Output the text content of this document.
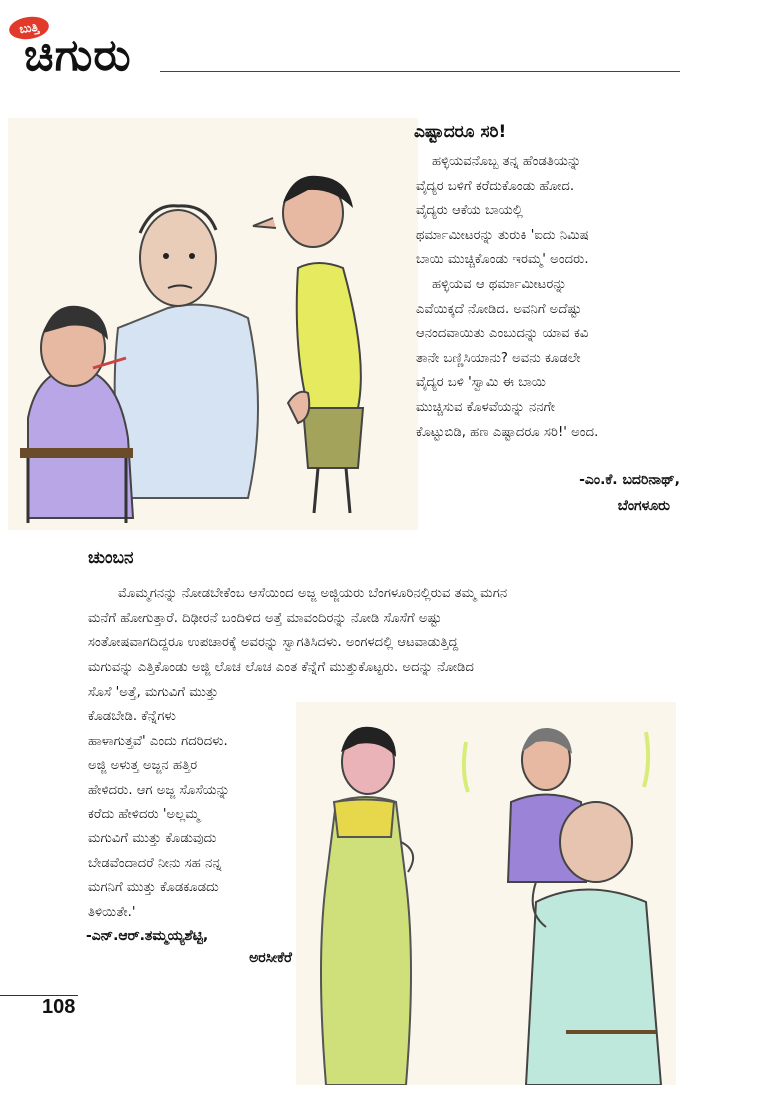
ಬುತ್ತಿ
ಚಿಗುರು
ಎಷ್ಟಾದರೂ ಸರಿ!
ಹಳ್ಳಿಯವನೊಬ್ಬ ತನ್ನ ಹೆಂಡತಿಯನ್ನು
ವೈದ್ಯರ ಬಳಿಗೆ ಕರೆದುಕೊಂಡು ಹೋದ.
ವೈದ್ಯರು ಆಕೆಯ ಬಾಯಲ್ಲಿ
ಥರ್ಮಾಮೀಟರನ್ನು ತುರುಕಿ 'ಐದು ನಿಮಿಷ
ಬಾಯಿ ಮುಚ್ಚಿಕೊಂಡು ಇರಮ್ಮ' ಅಂದರು.
ಹಳ್ಳಿಯವ ಆ ಥರ್ಮಾಮೀಟರನ್ನು
ಎವೆಯಿಕ್ಕದೆ ನೋಡಿದ. ಅವನಿಗೆ ಅದೆಷ್ಟು
ಆನಂದವಾಯಿತು ಎಂಬುದನ್ನು ಯಾವ ಕವಿ
ತಾನೇ ಬಣ್ಣಿಸಿಯಾನು? ಅವನು ಕೂಡಲೇ
ವೈದ್ಯರ ಬಳಿ 'ಸ್ವಾಮಿ ಈ ಬಾಯಿ
ಮುಚ್ಚಿಸುವ ಕೊಳವೆಯನ್ನು ನನಗೇ
ಕೊಟ್ಟುಬಿಡಿ, ಹಣ ಎಷ್ಟಾದರೂ ಸರಿ!' ಅಂದ.
-ಎಂ.ಕೆ. ಬದರಿನಾಥ್,
ಬೆಂಗಳೂರು
ಚುಂಬನ
ಮೊಮ್ಮಗನನ್ನು ನೋಡಬೇಕೆಂಬ ಆಸೆಯಿಂದ ಅಜ್ಜ ಅಜ್ಜಿಯರು ಬೆಂಗಳೂರಿನಲ್ಲಿರುವ ತಮ್ಮ ಮಗನ
ಮನೆಗೆ ಹೋಗುತ್ತಾರೆ. ದಿಢೀರನೆ ಬಂದಿಳಿದ ಅತ್ತೆ ಮಾವಂದಿರನ್ನು ನೋಡಿ ಸೊಸೆಗೆ ಅಷ್ಟು
ಸಂತೋಷವಾಗದಿದ್ದರೂ ಉಪಚಾರಕ್ಕೆ ಅವರನ್ನು ಸ್ವಾಗತಿಸಿದಳು. ಅಂಗಳದಲ್ಲಿ ಆಟವಾಡುತ್ತಿದ್ದ
ಮಗುವನ್ನು ಎತ್ತಿಕೊಂಡು ಅಜ್ಜಿ ಲೊಚ ಲೊಚ ಎಂತ ಕೆನ್ನೆಗೆ ಮುತ್ತುಕೊಟ್ಟರು. ಅದನ್ನು ನೋಡಿದ
ಸೊಸೆ 'ಅತ್ತೆ, ಮಗುವಿಗೆ ಮುತ್ತು
ಕೊಡಬೇಡಿ. ಕೆನ್ನೆಗಳು
ಹಾಳಾಗುತ್ತವೆ' ಎಂದು ಗದರಿದಳು.
ಅಜ್ಜಿ ಅಳುತ್ತ ಅಜ್ಜನ ಹತ್ತಿರ
ಹೇಳಿದರು. ಆಗ ಅಜ್ಜ ಸೊಸೆಯನ್ನು
ಕರೆದು ಹೇಳಿದರು 'ಅಲ್ಲಮ್ಮ
ಮಗುವಿಗೆ ಮುತ್ತು ಕೊಡುವುದು
ಬೇಡವೆಂದಾದರೆ ನೀನು ಸಹ ನನ್ನ
ಮಗನಿಗೆ ಮುತ್ತು ಕೊಡಕೂಡದು
ತಿಳಿಯಿತೇ.'
-ಎನ್.ಆರ್.ತಮ್ಮಯ್ಯಶೆಟ್ಟಿ,
ಅರಸೀಕೆರೆ
108
